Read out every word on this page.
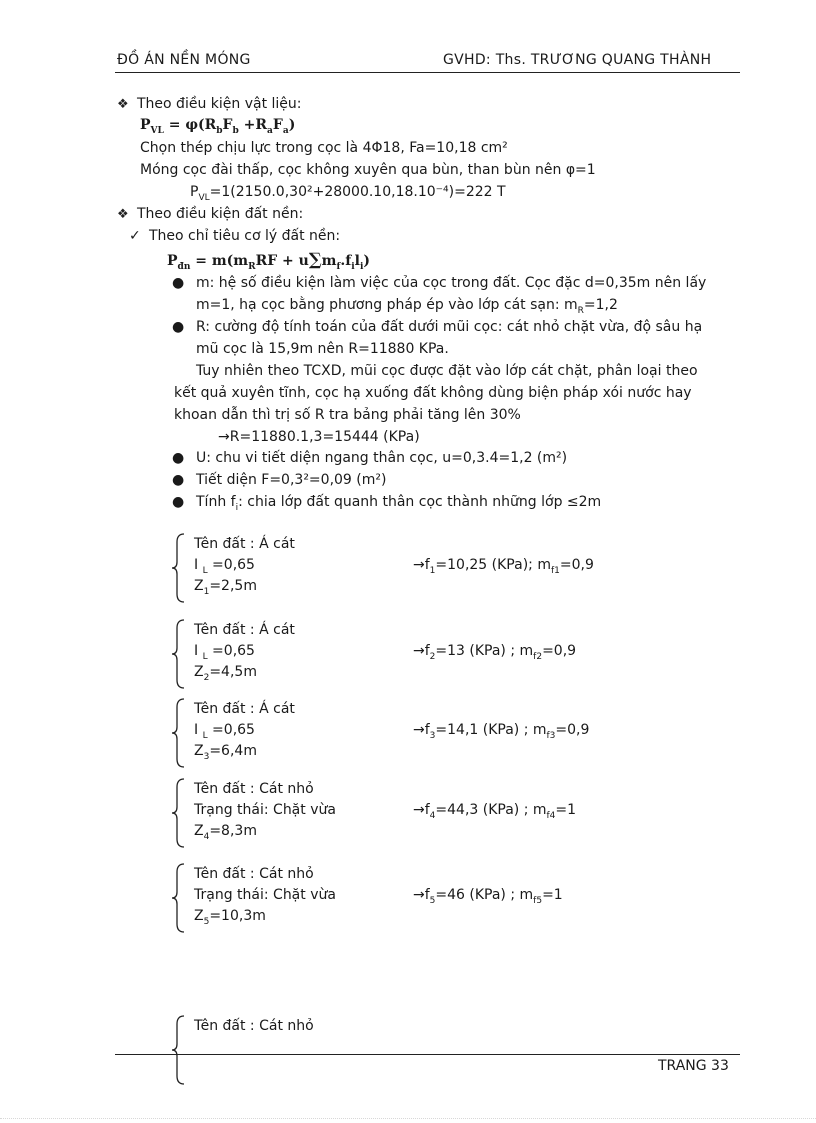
ĐỒ ÁN NỀN MÓNG	GVHD: Ths. TRƯƠNG QUANG THÀNH
❖ Theo điều kiện vật liệu:
$P_{VL} = \varphi(R_bF_b +R_aF_a)$
Chọn thép chịu lực trong cọc là 4Φ18, Fa=10,18 cm²
Móng cọc đài thấp, cọc không xuyên qua bùn, than bùn nên φ=1
$P_{VL}=1(2150.0,30^2+28000.10,18.10^{-4})=222$ T
❖ Theo điều kiện đất nền:
✓ Theo chỉ tiêu cơ lý đất nền:
$P_{đn} = m(m_RRF + u\sum m_f.f_il_i)$
● m: hệ số điều kiện làm việc của cọc trong đất. Cọc đặc d=0,35m nên lấy
m=1, hạ cọc bằng phương pháp ép vào lớp cát sạn: $m_R=1,2$
● R: cường độ tính toán của đất dưới mũi cọc: cát nhỏ chặt vừa, độ sâu hạ
mũ cọc là 15,9m nên R=11880 KPa.
Tuy nhiên theo TCXD, mũi cọc được đặt vào lớp cát chặt, phân loại theo
kết quả xuyên tĩnh, cọc hạ xuống đất không dùng biện pháp xói nước hay
khoan dẫn thì trị số R tra bảng phải tăng lên 30%
→R=11880.1,3=15444 (KPa)
● U: chu vi tiết diện ngang thân cọc, u=0,3.4=1,2 (m²)
● Tiết diện F=0,3²=0,09 (m²)
● Tính $f_i$: chia lớp đất quanh thân cọc thành những lớp ≤2m
Tên đất : Á cát
I $_L$ =0,65
$Z_1=2,5m$
$\to f_1=10,25$ (KPa); $m_{f1}=0,9$
Tên đất : Á cát
I $_L$ =0,65
$Z_2=4,5m$
$\to f_2=13$ (KPa) ; $m_{f2}=0,9$
Tên đất : Á cát
I $_L$ =0,65
$Z_3=6,4m$
$\to f_3=14,1$ (KPa) ; $m_{f3}=0,9$
Tên đất : Cát nhỏ
Trạng thái: Chặt vừa
$Z_4=8,3m$
$\to f_4=44,3$ (KPa) ; $m_{f4}=1$
Tên đất : Cát nhỏ
Trạng thái: Chặt vừa
$Z_5=10,3m$
$\to f_5=46$ (KPa) ; $m_{f5}=1$
Tên đất : Cát nhỏ
TRANG 33
